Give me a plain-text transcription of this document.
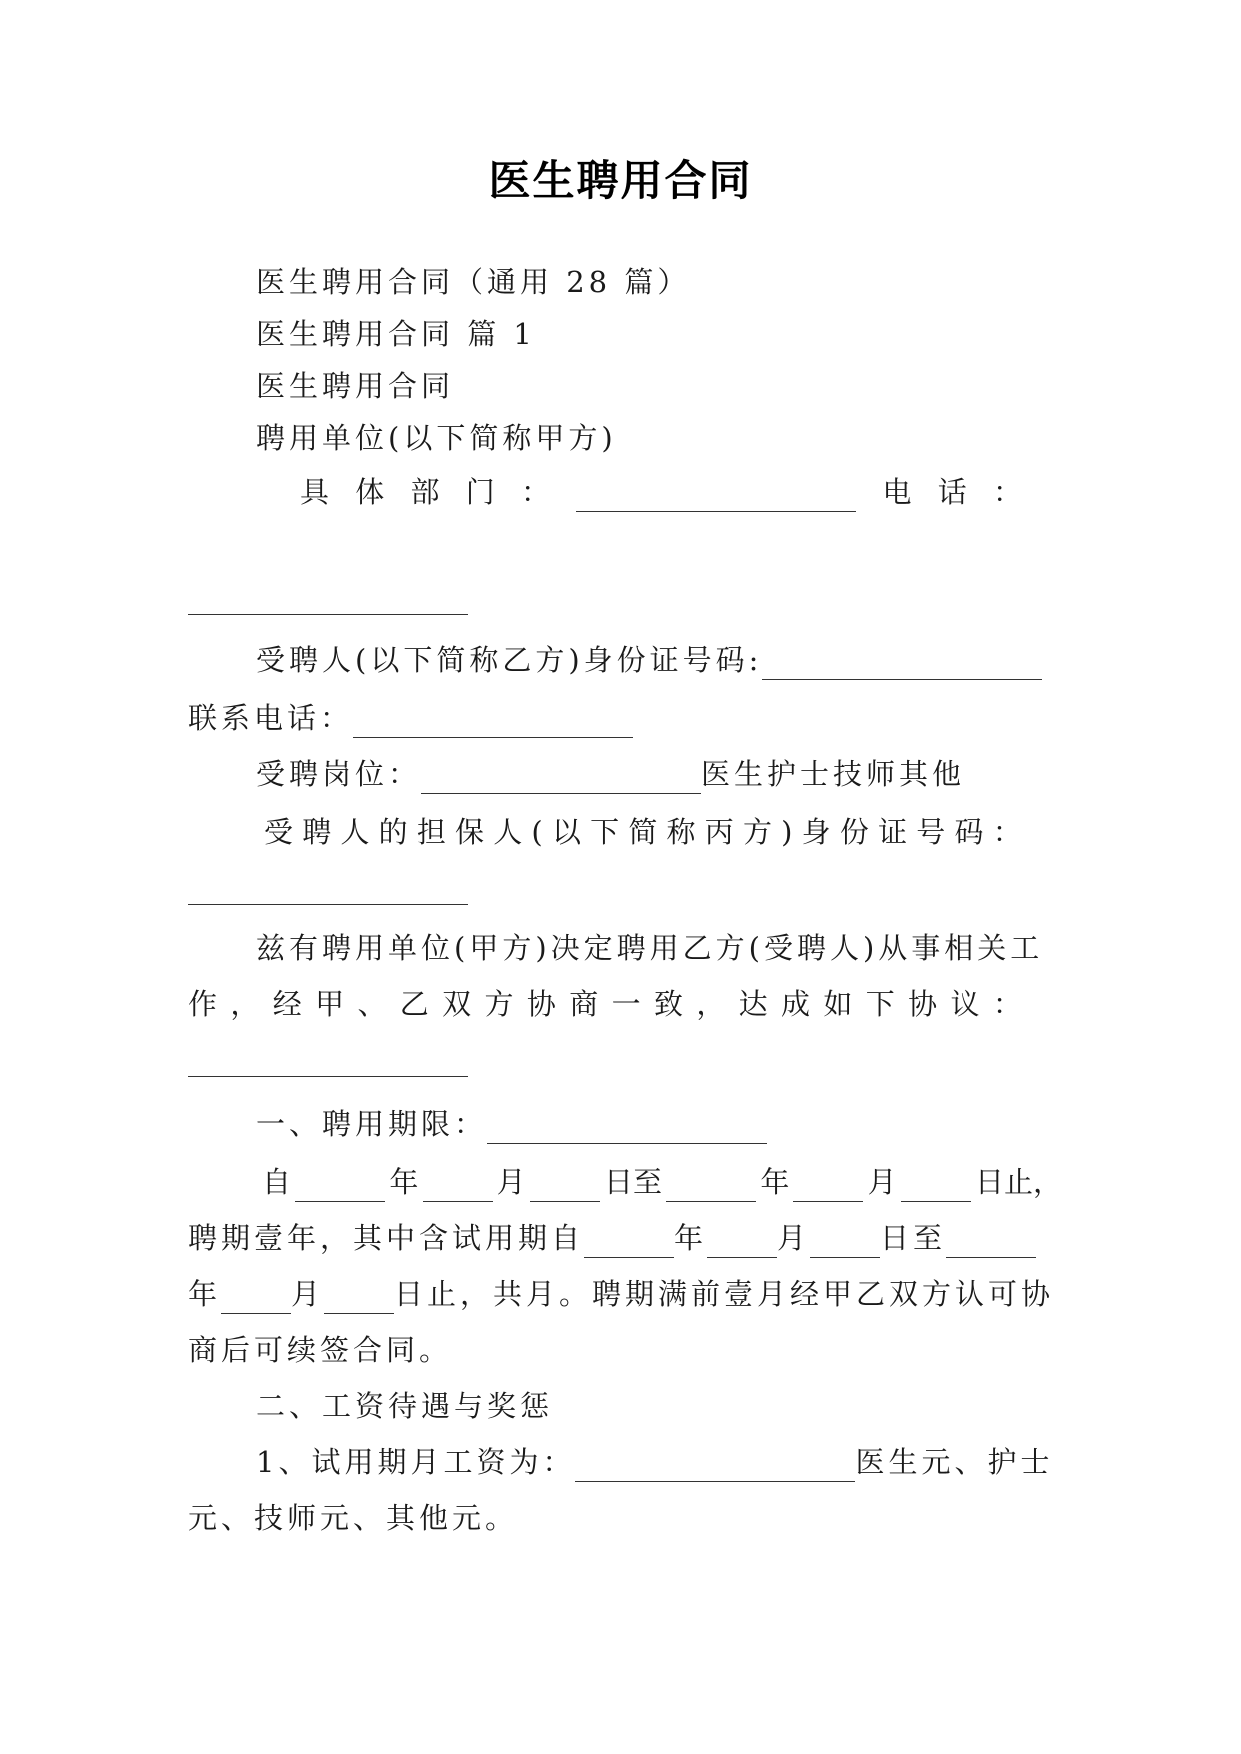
医生聘用合同
医生聘用合同（通用 28 篇）
医生聘用合同 篇 1
医生聘用合同
聘用单位(以下简称甲方)
具 体 部 门 ：	电 话 ：
受聘人(以下简称乙方)身份证号码:
联系电话：
受聘岗位：	医生护士技师其他
受 聘 人 的 担 保 人 ( 以 下 简 称 丙 方 ) 身 份 证 号 码 ：
兹有聘用单位(甲方)决定聘用乙方(受聘人)从事相关工
作 ， 经 甲 、 乙 双 方 协 商 一 致 ， 达 成 如 下 协 议 ：
一、聘用期限：
自	年	月	日至	年	月	日止，
聘期壹年，其中含试用期自	年 月 日至
年 月 日止，共月。聘期满前壹月经甲乙双方认可协
商后可续签合同。
二、工资待遇与奖惩
1、试用期月工资为：	医生元、护士
元、技师元、其他元。
